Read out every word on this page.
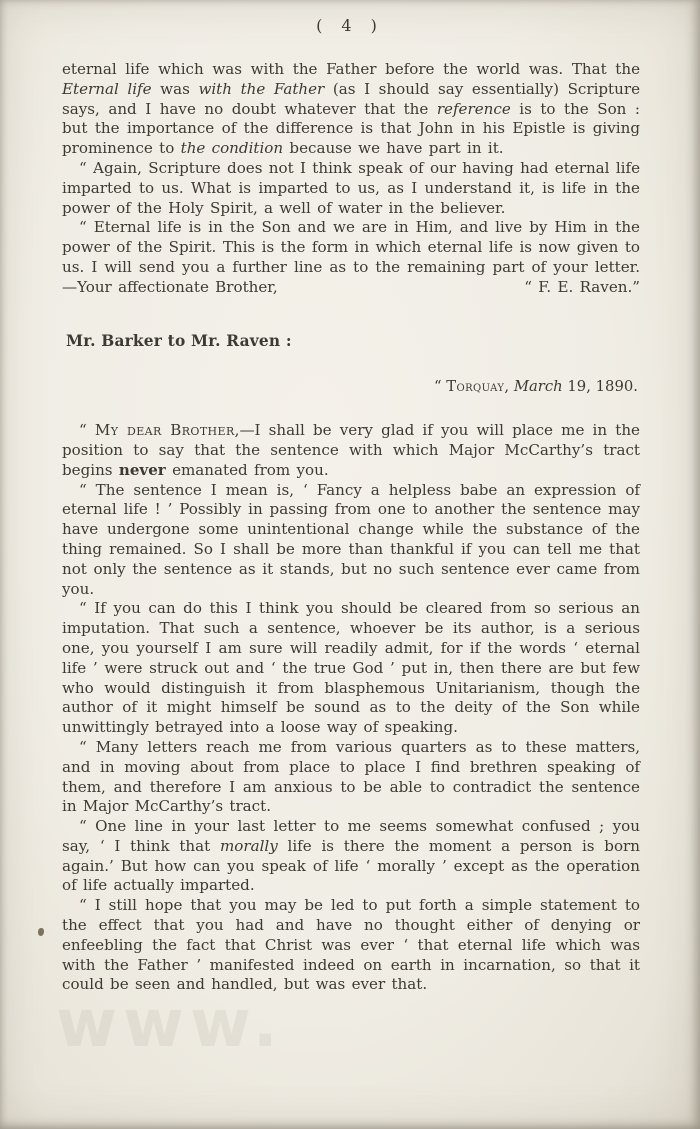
( 4 )

eternal life which was with the Father before the world was. That the Eternal life was with the Father (as I should say essentially) Scripture says, and I have no doubt whatever that the reference is to the Son : but the importance of the difference is that John in his Epistle is giving prominence to the condition because we have part in it.

“ Again, Scripture does not I think speak of our having had eternal life imparted to us. What is imparted to us, as I understand it, is life in the power of the Holy Spirit, a well of water in the believer.

“ Eternal life is in the Son and we are in Him, and live by Him in the power of the Spirit. This is the form in which eternal life is now given to us. I will send you a further line as to the remaining part of your letter.—Your affectionate Brother,	“ F. E. Raven.”

Mr. Barker to Mr. Raven :

“ Torquay, March 19, 1890.

“ My dear Brother,—I shall be very glad if you will place me in the position to say that the sentence with which Major McCarthy’s tract begins never emanated from you.

“ The sentence I mean is, ‘ Fancy a helpless babe an expression of eternal life ! ’ Possibly in passing from one to another the sentence may have undergone some unintentional change while the substance of the thing remained. So I shall be more than thankful if you can tell me that not only the sentence as it stands, but no such sentence ever came from you.

“ If you can do this I think you should be cleared from so serious an imputation. That such a sentence, whoever be its author, is a serious one, you yourself I am sure will readily admit, for if the words ‘ eternal life ’ were struck out and ‘ the true God ’ put in, then there are but few who would distinguish it from blasphemous Unitarianism, though the author of it might himself be sound as to the deity of the Son while unwittingly betrayed into a loose way of speaking.

“ Many letters reach me from various quarters as to these matters, and in moving about from place to place I find brethren speaking of them, and therefore I am anxious to be able to contradict the sentence in Major McCarthy’s tract.

“ One line in your last letter to me seems somewhat confused ; you say, ‘ I think that morally life is there the moment a person is born again.’ But how can you speak of life ‘ morally ’ except as the operation of life actually imparted.

“ I still hope that you may be led to put forth a simple statement to the effect that you had and have no thought either of denying or enfeebling the fact that Christ was ever ‘ that eternal life which was with the Father ’ manifested indeed on earth in incarnation, so that it could be seen and handled, but was ever that.

www.
